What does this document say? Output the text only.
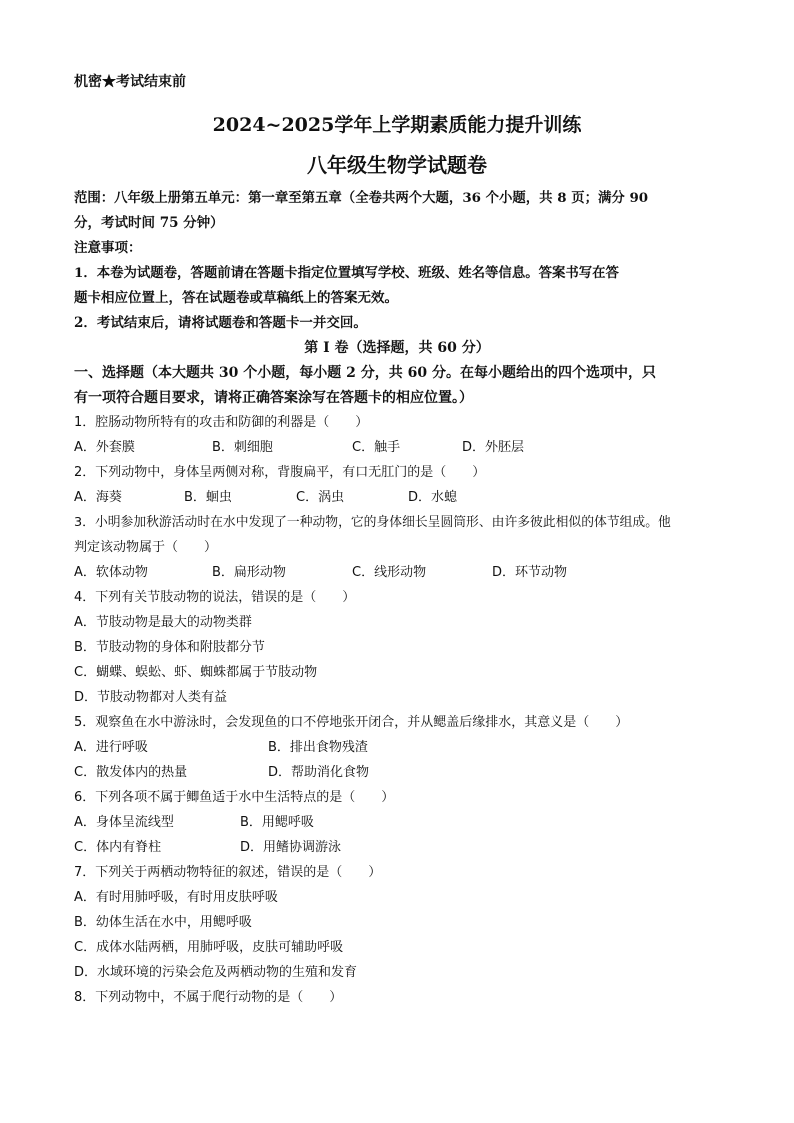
机密★考试结束前
2024~2025学年上学期素质能力提升训练
八年级生物学试题卷
范围：八年级上册第五单元：第一章至第五章（全卷共两个大题，36 个小题，共 8 页；满分 90
分，考试时间 75 分钟）
注意事项：
1．本卷为试题卷，答题前请在答题卡指定位置填写学校、班级、姓名等信息。答案书写在答
题卡相应位置上，答在试题卷或草稿纸上的答案无效。
2．考试结束后，请将试题卷和答题卡一并交回。
第 I 卷（选择题，共 60 分）
一、选择题（本大题共 30 个小题，每小题 2 分，共 60 分。在每小题给出的四个选项中，只
有一项符合题目要求，请将正确答案涂写在答题卡的相应位置。）
1．腔肠动物所特有的攻击和防御的利器是（　　）
A．外套膜	B．刺细胞	C．触手	D．外胚层
2．下列动物中，身体呈两侧对称，背腹扁平，有口无肛门的是（　　）
A．海葵	B．蛔虫	C．涡虫	D．水螅
3．小明参加秋游活动时在水中发现了一种动物，它的身体细长呈圆筒形、由许多彼此相似的体节组成。他
判定该动物属于（　　）
A．软体动物	B．扁形动物	C．线形动物	D．环节动物
4．下列有关节肢动物的说法，错误的是（　　）
A．节肢动物是最大的动物类群
B．节肢动物的身体和附肢都分节
C．蝴蝶、蜈蚣、虾、蜘蛛都属于节肢动物
D．节肢动物都对人类有益
5．观察鱼在水中游泳时，会发现鱼的口不停地张开闭合，并从鳃盖后缘排水，其意义是（　　）
A．进行呼吸	B．排出食物残渣
C．散发体内的热量	D．帮助消化食物
6．下列各项不属于鲫鱼适于水中生活特点的是（　　）
A．身体呈流线型	B．用鳃呼吸
C．体内有脊柱	D．用鳍协调游泳
7．下列关于两栖动物特征的叙述，错误的是（　　）
A．有时用肺呼吸，有时用皮肤呼吸
B．幼体生活在水中，用鳃呼吸
C．成体水陆两栖，用肺呼吸，皮肤可辅助呼吸
D．水域环境的污染会危及两栖动物的生殖和发育
8．下列动物中，不属于爬行动物的是（　　）
